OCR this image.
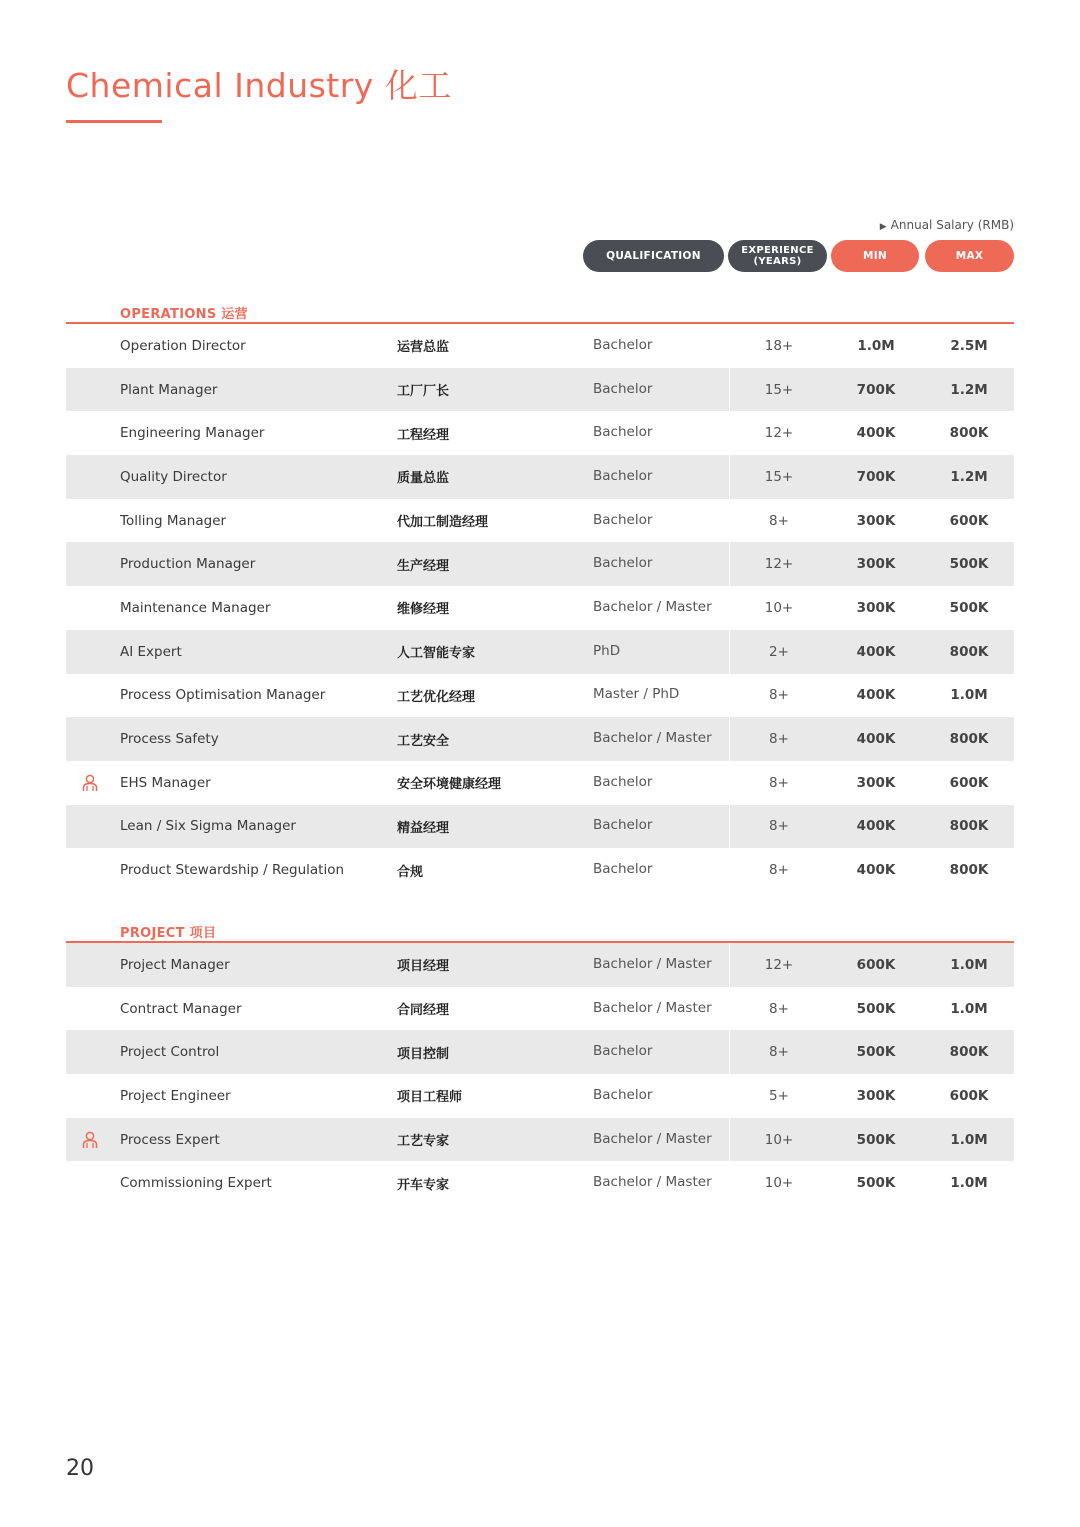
Chemical Industry 化工
▶ Annual Salary (RMB)
QUALIFICATION	EXPERIENCE
(YEARS)	MIN	MAX
OPERATIONS 运营
Operation Director	运营总监	Bachelor	18+	1.0M	2.5M
Plant Manager	工厂厂长	Bachelor	15+	700K	1.2M
Engineering Manager	工程经理	Bachelor	12+	400K	800K
Quality Director	质量总监	Bachelor	15+	700K	1.2M
Tolling Manager	代加工制造经理	Bachelor	8+	300K	600K
Production Manager	生产经理	Bachelor	12+	300K	500K
Maintenance Manager	维修经理	Bachelor / Master	10+	300K	500K
AI Expert	人工智能专家	PhD	2+	400K	800K
Process Optimisation Manager	工艺优化经理	Master / PhD	8+	400K	1.0M
Process Safety	工艺安全	Bachelor / Master	8+	400K	800K
EHS Manager	安全环境健康经理	Bachelor	8+	300K	600K
Lean / Six Sigma Manager	精益经理	Bachelor	8+	400K	800K
Product Stewardship / Regulation	合规	Bachelor	8+	400K	800K
PROJECT 项目
Project Manager	项目经理	Bachelor / Master	12+	600K	1.0M
Contract Manager	合同经理	Bachelor / Master	8+	500K	1.0M
Project Control	项目控制	Bachelor	8+	500K	800K
Project Engineer	项目工程师	Bachelor	5+	300K	600K
Process Expert	工艺专家	Bachelor / Master	10+	500K	1.0M
Commissioning Expert	开车专家	Bachelor / Master	10+	500K	1.0M
20
